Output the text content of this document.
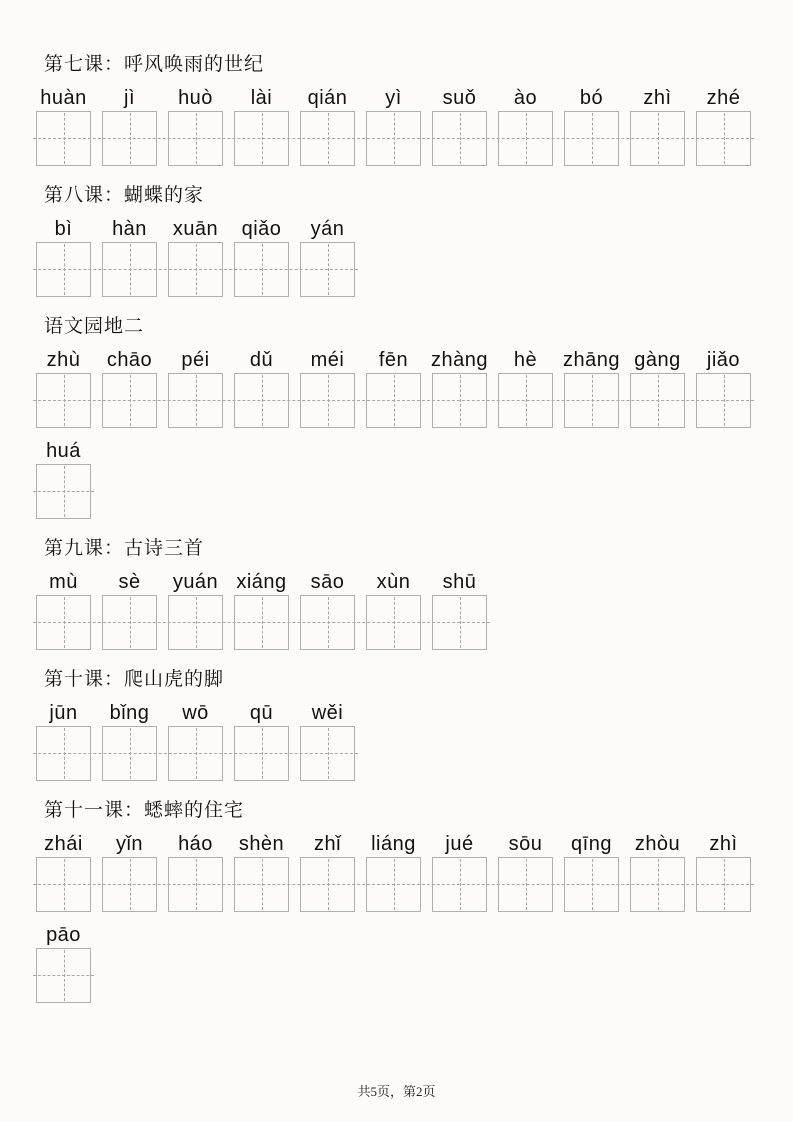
第七课：呼风唤雨的世纪
huàn jì huò lài qián yì suǒ ào bó zhì zhé
第八课：蝴蝶的家
bì hàn xuān qiǎo yán
语文园地二
zhù chāo péi dǔ méi fēn zhàng hè zhāng gàng jiǎo
huá
第九课：古诗三首
mù sè yuán xiáng sāo xùn shū
第十课：爬山虎的脚
jūn bǐng wō qū wěi
第十一课：蟋蟀的住宅
zhái yǐn háo shèn zhǐ liáng jué sōu qīng zhòu zhì
pāo
共5页，第2页
